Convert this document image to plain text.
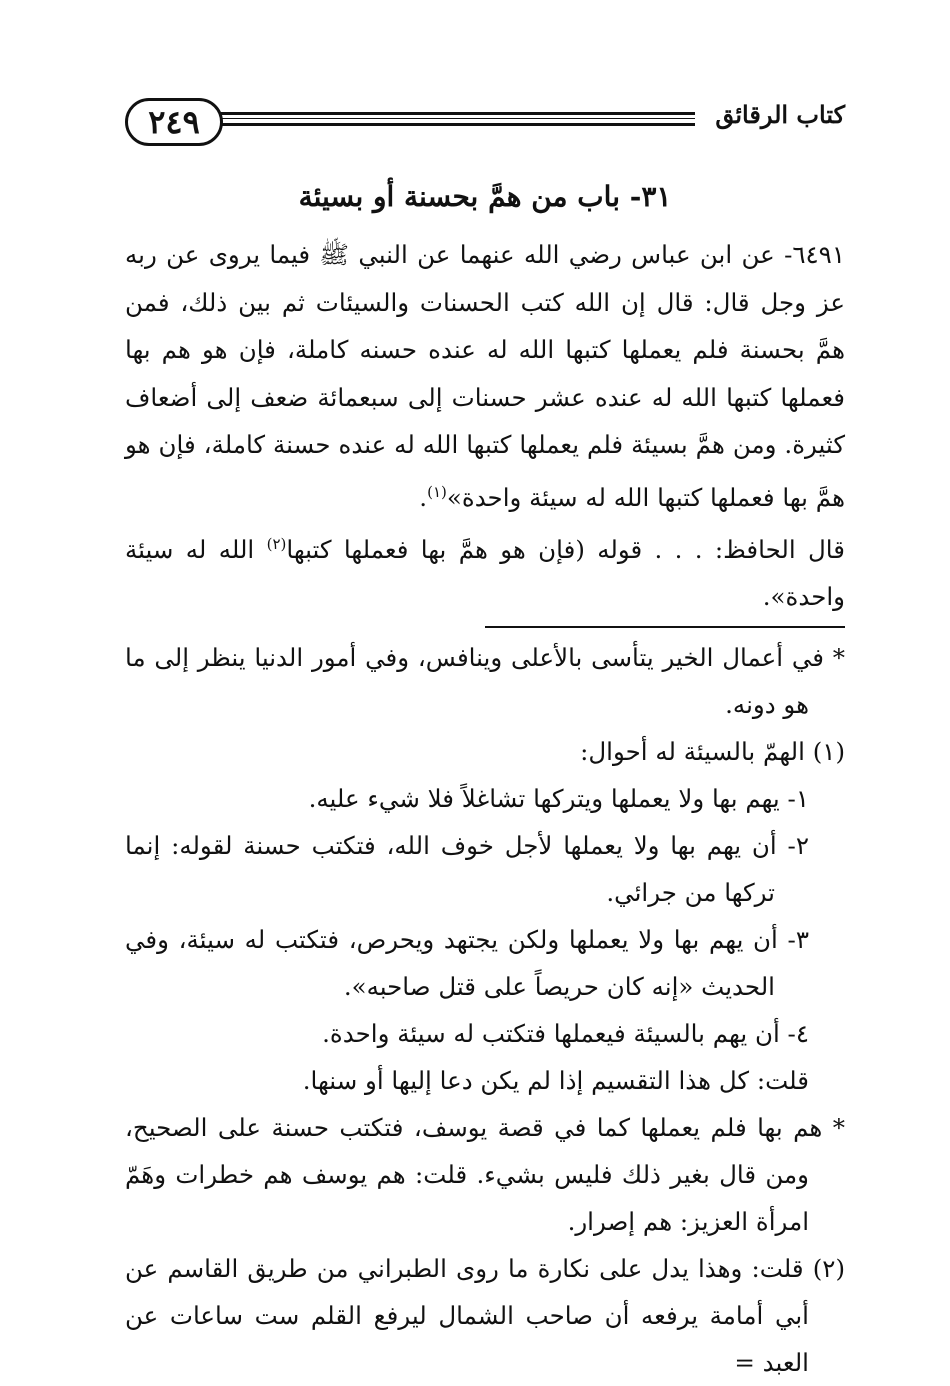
٢٤٩	كتاب الرقائق
٣١- باب من همَّ بحسنة أو بسيئة

٦٤٩١- عن ابن عباس رضي الله عنهما عن النبي ﷺ فيما يروى عن ربه عز وجل قال: قال إن الله كتب الحسنات والسيئات ثم بين ذلك، فمن همَّ بحسنة فلم يعملها كتبها الله له عنده حسنه كاملة، فإن هو هم بها فعملها كتبها الله له عنده عشر حسنات إلى سبعمائة ضعف إلى أضعاف كثيرة. ومن همَّ بسيئة فلم يعملها كتبها الله له عنده حسنة كاملة، فإن هو همَّ بها فعملها كتبها الله له سيئة واحدة»$^{(١)}$.

قال الحافظ: . . . قوله (فإن هو همَّ بها فعملها كتبها$^{(٢)}$ الله له سيئة واحدة».

* في أعمال الخير يتأسى بالأعلى وينافس، وفي أمور الدنيا ينظر إلى ما هو دونه.

(١) الهمّ بالسيئة له أحوال:

١- يهم بها ولا يعملها ويتركها تشاغلاً فلا شيء عليه.

٢- أن يهم بها ولا يعملها لأجل خوف الله، فتكتب حسنة لقوله: إنما تركها من جرائي.

٣- أن يهم بها ولا يعملها ولكن يجتهد ويحرص، فتكتب له سيئة، وفي الحديث «إنه كان حريصاً على قتل صاحبه».

٤- أن يهم بالسيئة فيعملها فتكتب له سيئة واحدة.

قلت: كل هذا التقسيم إذا لم يكن دعا إليها أو سنها.

* هم بها فلم يعملها كما في قصة يوسف، فتكتب حسنة على الصحيح، ومن قال بغير ذلك فليس بشيء. قلت: هم يوسف هم خطرات وهَمّ امرأة العزيز: هم إصرار.

(٢) قلت: وهذا يدل على نكارة ما روى الطبراني من طريق القاسم عن أبي أمامة يرفعه أن صاحب الشمال ليرفع القلم ست ساعات عن العبد =
